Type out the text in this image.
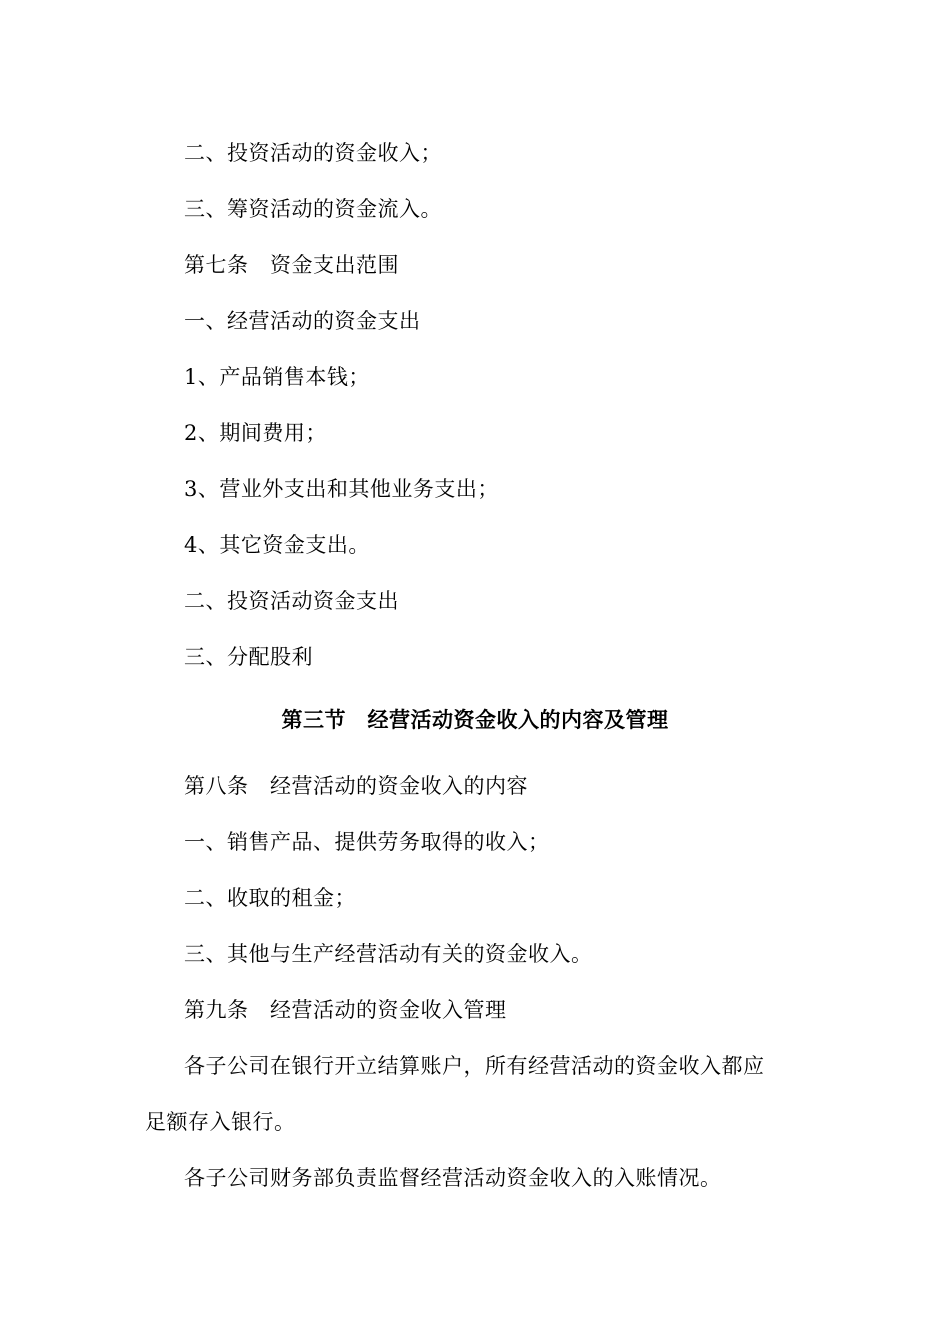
二、投资活动的资金收入；
三、筹资活动的资金流入。
第七条　资金支出范围
一、经营活动的资金支出
1、产品销售本钱；
2、期间费用；
3、营业外支出和其他业务支出；
4、其它资金支出。
二、投资活动资金支出
三、分配股利
第三节　经营活动资金收入的内容及管理
第八条　经营活动的资金收入的内容
一、销售产品、提供劳务取得的收入；
二、收取的租金；
三、其他与生产经营活动有关的资金收入。
第九条　经营活动的资金收入管理
各子公司在银行开立结算账户，所有经营活动的资金收入都应
足额存入银行。
各子公司财务部负责监督经营活动资金收入的入账情况。
